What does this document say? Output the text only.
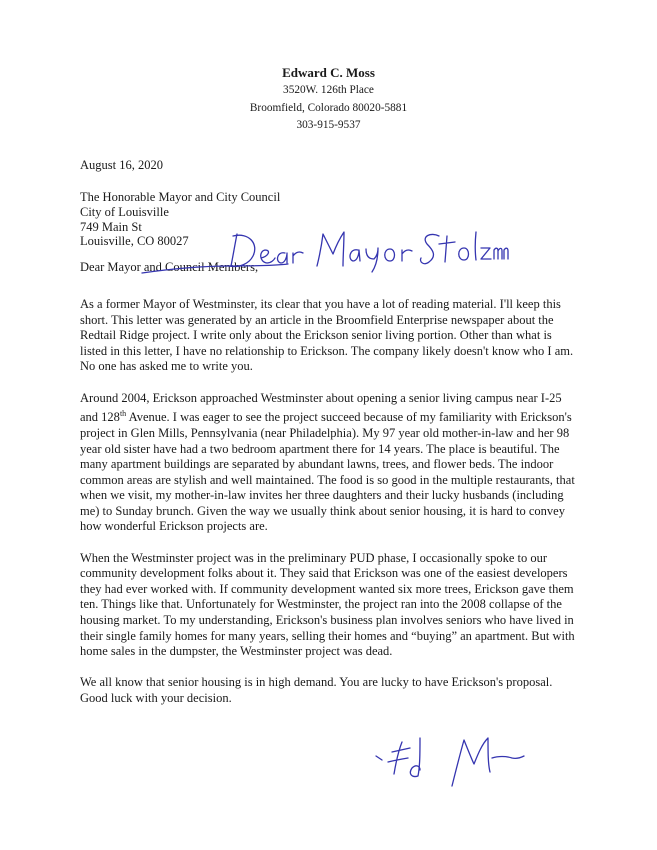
Edward C. Moss
3520W. 126th Place
Broomfield, Colorado 80020-5881
303-915-9537
August 16, 2020
The Honorable Mayor and City Council
City of Louisville
749 Main St
Louisville, CO 80027
Dear Mayor and Council Members,

As a former Mayor of Westminster, its clear that you have a lot of reading material. I'll keep this short. This letter was generated by an article in the Broomfield Enterprise newspaper about the Redtail Ridge project. I write only about the Erickson senior living portion. Other than what is listed in this letter, I have no relationship to Erickson. The company likely doesn't know who I am. No one has asked me to write you.

Around 2004, Erickson approached Westminster about opening a senior living campus near I-25 and 128th Avenue. I was eager to see the project succeed because of my familiarity with Erickson's project in Glen Mills, Pennsylvania (near Philadelphia). My 97 year old mother-in-law and her 98 year old sister have had a two bedroom apartment there for 14 years. The place is beautiful. The many apartment buildings are separated by abundant lawns, trees, and flower beds. The indoor common areas are stylish and well maintained. The food is so good in the multiple restaurants, that when we visit, my mother-in-law invites her three daughters and their lucky husbands (including me) to Sunday brunch. Given the way we usually think about senior housing, it is hard to convey how wonderful Erickson projects are.

When the Westminster project was in the preliminary PUD phase, I occasionally spoke to our community development folks about it. They said that Erickson was one of the easiest developers they had ever worked with. If community development wanted six more trees, Erickson gave them ten. Things like that. Unfortunately for Westminster, the project ran into the 2008 collapse of the housing market. To my understanding, Erickson's business plan involves seniors who have lived in their single family homes for many years, selling their homes and “buying” an apartment. But with home sales in the dumpster, the Westminster project was dead.

We all know that senior housing is in high demand. You are lucky to have Erickson's proposal. Good luck with your decision.
